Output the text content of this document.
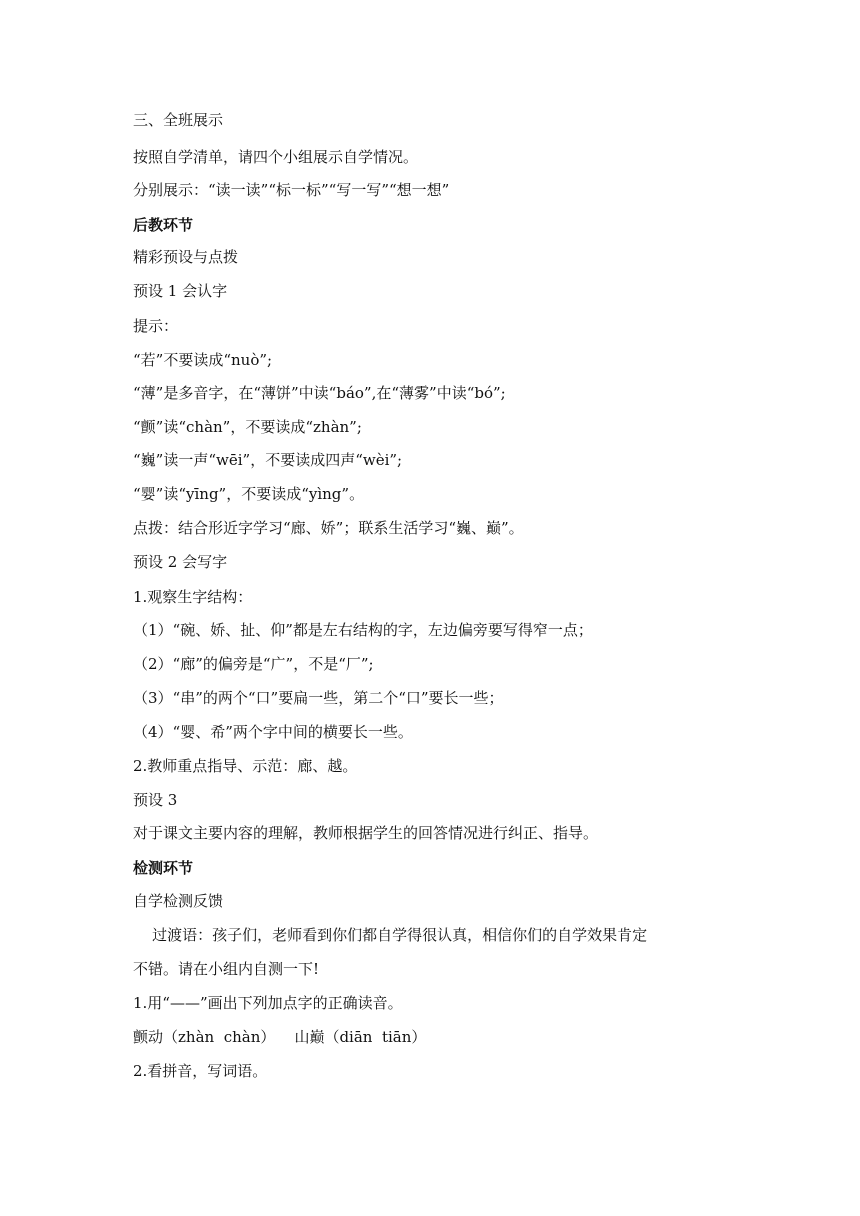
三、全班展示
按照自学清单，请四个小组展示自学情况。
分别展示：“读一读”“标一标”“写一写”“想一想”
后教环节
精彩预设与点拨
预设 1 会认字
提示：
“若”不要读成“nuò”;
“薄”是多音字，在“薄饼”中读“báo”,在“薄雾”中读“bó”;
“颤”读“chàn”，不要读成“zhàn”;
“巍”读一声“wēi”，不要读成四声“wèi”;
“婴”读“yīng”，不要读成“yìng”。
点拨：结合形近字学习“廊、娇”；联系生活学习“巍、巅”。
预设 2 会写字
1.观察生字结构：
（1）“碗、娇、扯、仰”都是左右结构的字，左边偏旁要写得窄一点；
（2）“廊”的偏旁是“广”，不是“厂”;
（3）“串”的两个“口”要扁一些，第二个“口”要长一些；
（4）“婴、希”两个字中间的横要长一些。
2.教师重点指导、示范：廊、越。
预设 3
对于课文主要内容的理解，教师根据学生的回答情况进行纠正、指导。
检测环节
自学检测反馈
过渡语：孩子们，老师看到你们都自学得很认真，相信你们的自学效果肯定
不错。请在小组内自测一下!
1.用“——”画出下列加点字的正确读音。
颤动（zhàn  chàn）    山巅（diān  tiān）
2.看拼音，写词语。
